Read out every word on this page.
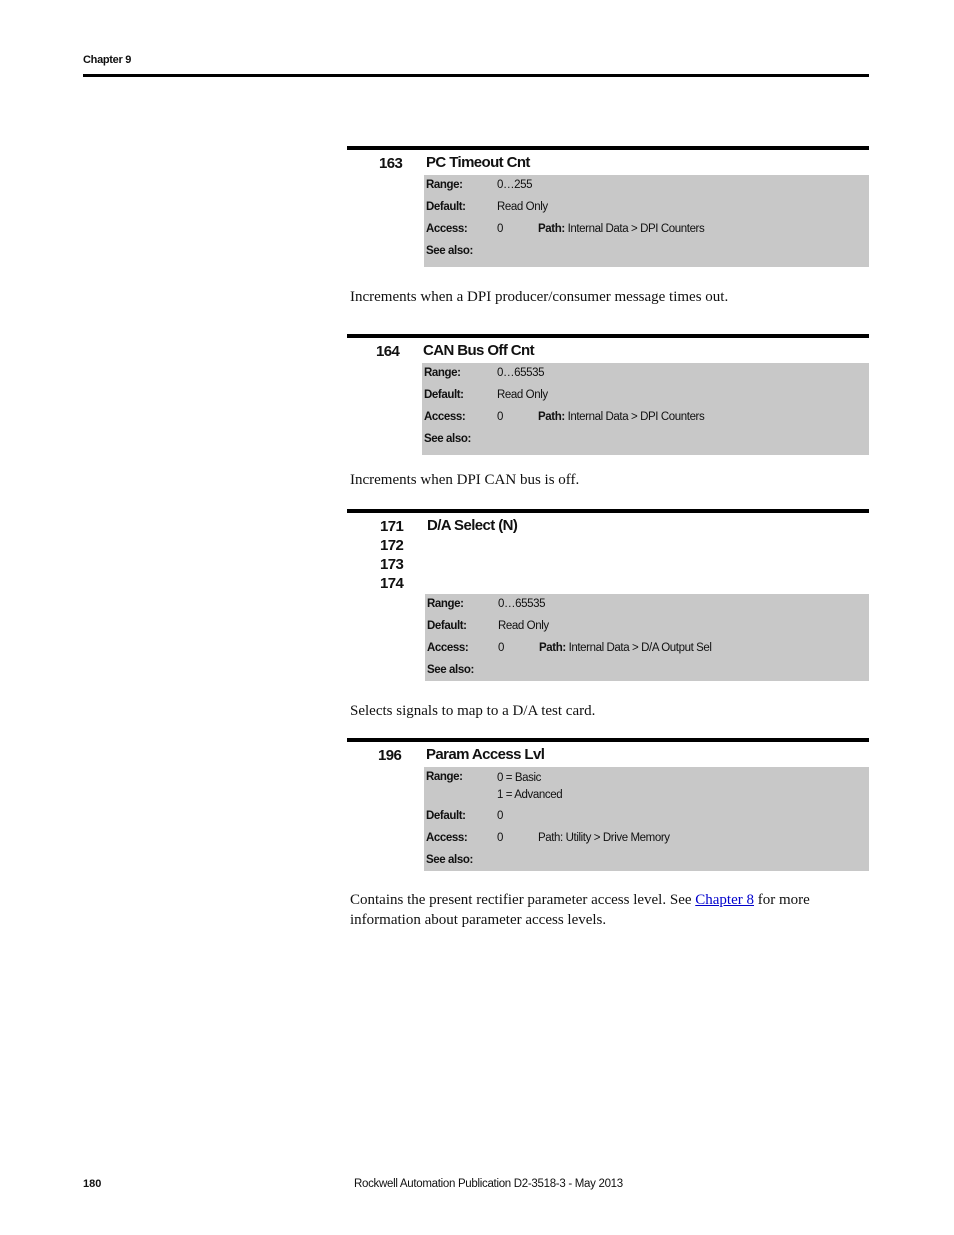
Chapter 9
163 PC Timeout Cnt
Range:	0…255
Default:	Read Only
Access:	0	Path: Internal Data > DPI Counters
See also:
Increments when a DPI producer/consumer message times out.
164 CAN Bus Off Cnt
Range:	0…65535
Default:	Read Only
Access:	0	Path: Internal Data > DPI Counters
See also:
Increments when DPI CAN bus is off.
171
172
173
174
D/A Select (N)
Range:	0…65535
Default:	Read Only
Access:	0	Path: Internal Data > D/A Output Sel
See also:
Selects signals to map to a D/A test card.
196 Param Access Lvl
Range:	0 = Basic
1 = Advanced
Default:	0
Access:	0	Path: Utility > Drive Memory
See also:
Contains the present rectifier parameter access level. See Chapter 8 for more information about parameter access levels.
180	Rockwell Automation Publication D2-3518-3 - May 2013
